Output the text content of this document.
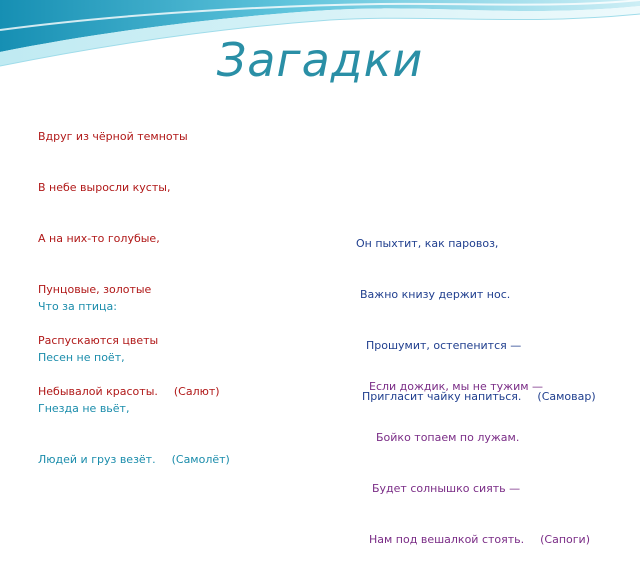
Загадки

Вдруг из чёрной темноты

В небе выросли кусты,

А на них-то голубые,

Пунцовые, золотые

Распускаются цветы

Небывалой красоты. (Салют)

Он пыхтит, как паровоз,

Важно книзу держит нос.

Прошумит, остепенится —

Пригласит чайку напиться. (Самовар)

Что за птица:

Песен не поёт,

Гнезда не вьёт,

Людей и груз везёт. (Самолёт)

Если дождик, мы не тужим —

Бойко топаем по лужам.

Будет солнышко сиять —

Нам под вешалкой стоять. (Сапоги)
